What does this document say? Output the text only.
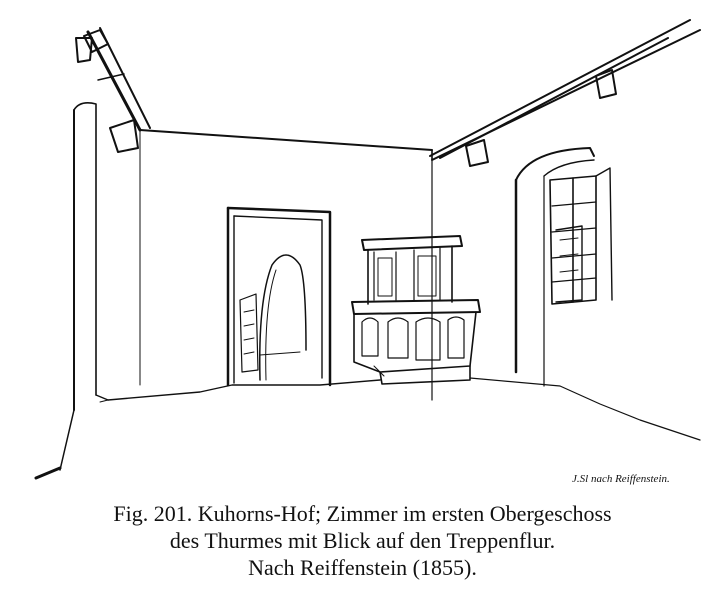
J.Sl nach Reiffenstein.
Fig. 201. Kuhorns-Hof; Zimmer im ersten Obergeschoss
des Thurmes mit Blick auf den Treppenflur.
Nach Reiffenstein (1855).
